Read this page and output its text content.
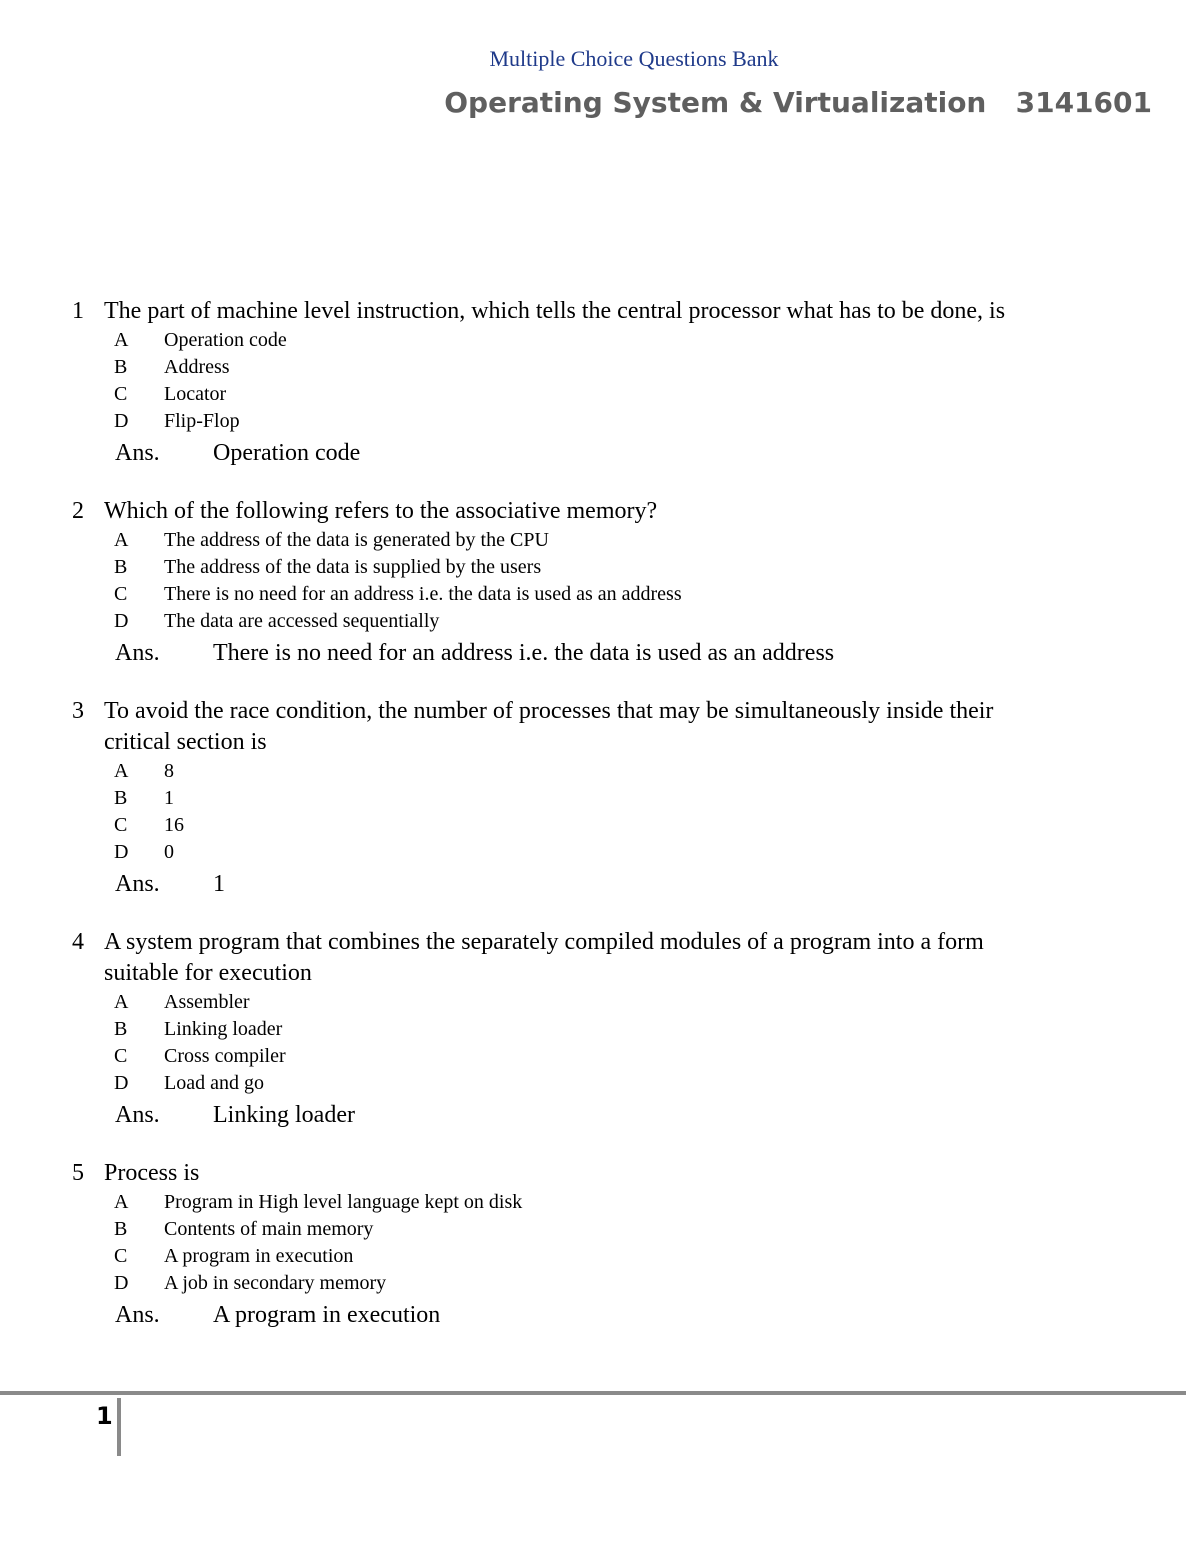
Multiple Choice Questions Bank
Operating System & Virtualization   3141601
1 The part of machine level instruction, which tells the central processor what has to be done, is
A	Operation code
B	Address
C	Locator
D	Flip-Flop
Ans.	Operation code
2 Which of the following refers to the associative memory?
A	The address of the data is generated by the CPU
B	The address of the data is supplied by the users
C	There is no need for an address i.e. the data is used as an address
D	The data are accessed sequentially
Ans.	There is no need for an address i.e. the data is used as an address
3 To avoid the race condition, the number of processes that may be simultaneously inside their critical section is
A	8
B	1
C	16
D	0
Ans.	1
4 A system program that combines the separately compiled modules of a program into a form suitable for execution
A	Assembler
B	Linking loader
C	Cross compiler
D	Load and go
Ans.	Linking loader
5 Process is
A	Program in High level language kept on disk
B	Contents of main memory
C	A program in execution
D	A job in secondary memory
Ans.	A program in execution
1
